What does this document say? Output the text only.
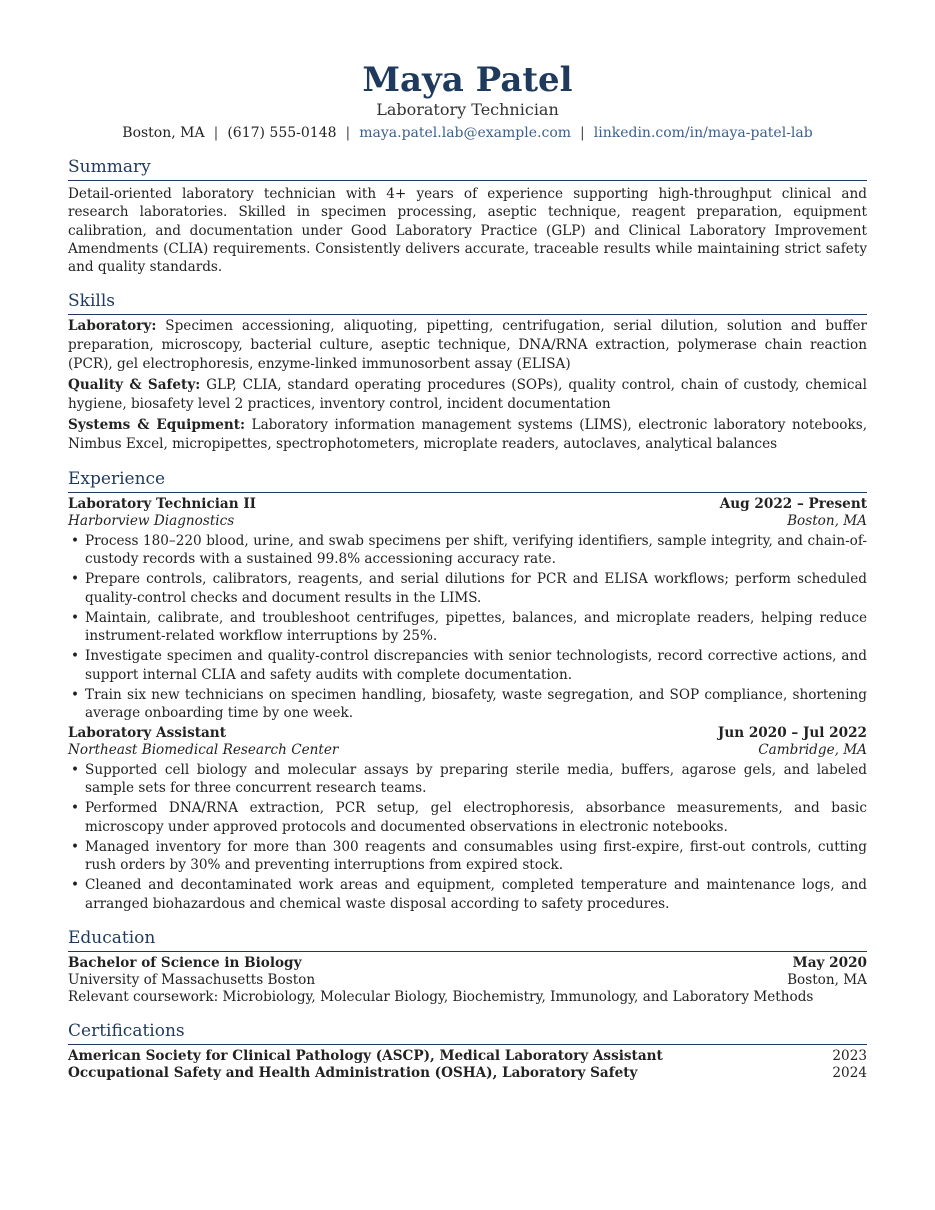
Maya Patel
Laboratory Technician
Boston, MA | (617) 555-0148 | maya.patel.lab@example.com | linkedin.com/in/maya-patel-lab
Summary
Detail-oriented laboratory technician with 4+ years of experience supporting high-throughput clinical and research laboratories. Skilled in specimen processing, aseptic technique, reagent preparation, equipment calibration, and documentation under Good Laboratory Practice (GLP) and Clinical Laboratory Improvement Amendments (CLIA) requirements. Consistently delivers accurate, traceable results while maintaining strict safety and quality standards.
Skills
Laboratory: Specimen accessioning, aliquoting, pipetting, centrifugation, serial dilution, solution and buffer preparation, microscopy, bacterial culture, aseptic technique, DNA/RNA extraction, polymerase chain reaction (PCR), gel electrophoresis, enzyme-linked immunosorbent assay (ELISA)
Quality & Safety: GLP, CLIA, standard operating procedures (SOPs), quality control, chain of custody, chemical hygiene, biosafety level 2 practices, inventory control, incident documentation
Systems & Equipment: Laboratory information management systems (LIMS), electronic laboratory notebooks, Nimbus Excel, micropipettes, spectrophotometers, microplate readers, autoclaves, analytical balances
Experience
Laboratory Technician II	Aug 2022 – Present
Harborview Diagnostics	Boston, MA
• Process 180–220 blood, urine, and swab specimens per shift, verifying identifiers, sample integrity, and chain-of-custody records with a sustained 99.8% accessioning accuracy rate.
• Prepare controls, calibrators, reagents, and serial dilutions for PCR and ELISA workflows; perform scheduled quality-control checks and document results in the LIMS.
• Maintain, calibrate, and troubleshoot centrifuges, pipettes, balances, and microplate readers, helping reduce instrument-related workflow interruptions by 25%.
• Investigate specimen and quality-control discrepancies with senior technologists, record corrective actions, and support internal CLIA and safety audits with complete documentation.
• Train six new technicians on specimen handling, biosafety, waste segregation, and SOP compliance, shortening average onboarding time by one week.
Laboratory Assistant	Jun 2020 – Jul 2022
Northeast Biomedical Research Center	Cambridge, MA
• Supported cell biology and molecular assays by preparing sterile media, buffers, agarose gels, and labeled sample sets for three concurrent research teams.
• Performed DNA/RNA extraction, PCR setup, gel electrophoresis, absorbance measurements, and basic microscopy under approved protocols and documented observations in electronic notebooks.
• Managed inventory for more than 300 reagents and consumables using first-expire, first-out controls, cutting rush orders by 30% and preventing interruptions from expired stock.
• Cleaned and decontaminated work areas and equipment, completed temperature and maintenance logs, and arranged biohazardous and chemical waste disposal according to safety procedures.
Education
Bachelor of Science in Biology	May 2020
University of Massachusetts Boston	Boston, MA
Relevant coursework: Microbiology, Molecular Biology, Biochemistry, Immunology, and Laboratory Methods
Certifications
American Society for Clinical Pathology (ASCP), Medical Laboratory Assistant	2023
Occupational Safety and Health Administration (OSHA), Laboratory Safety	2024
